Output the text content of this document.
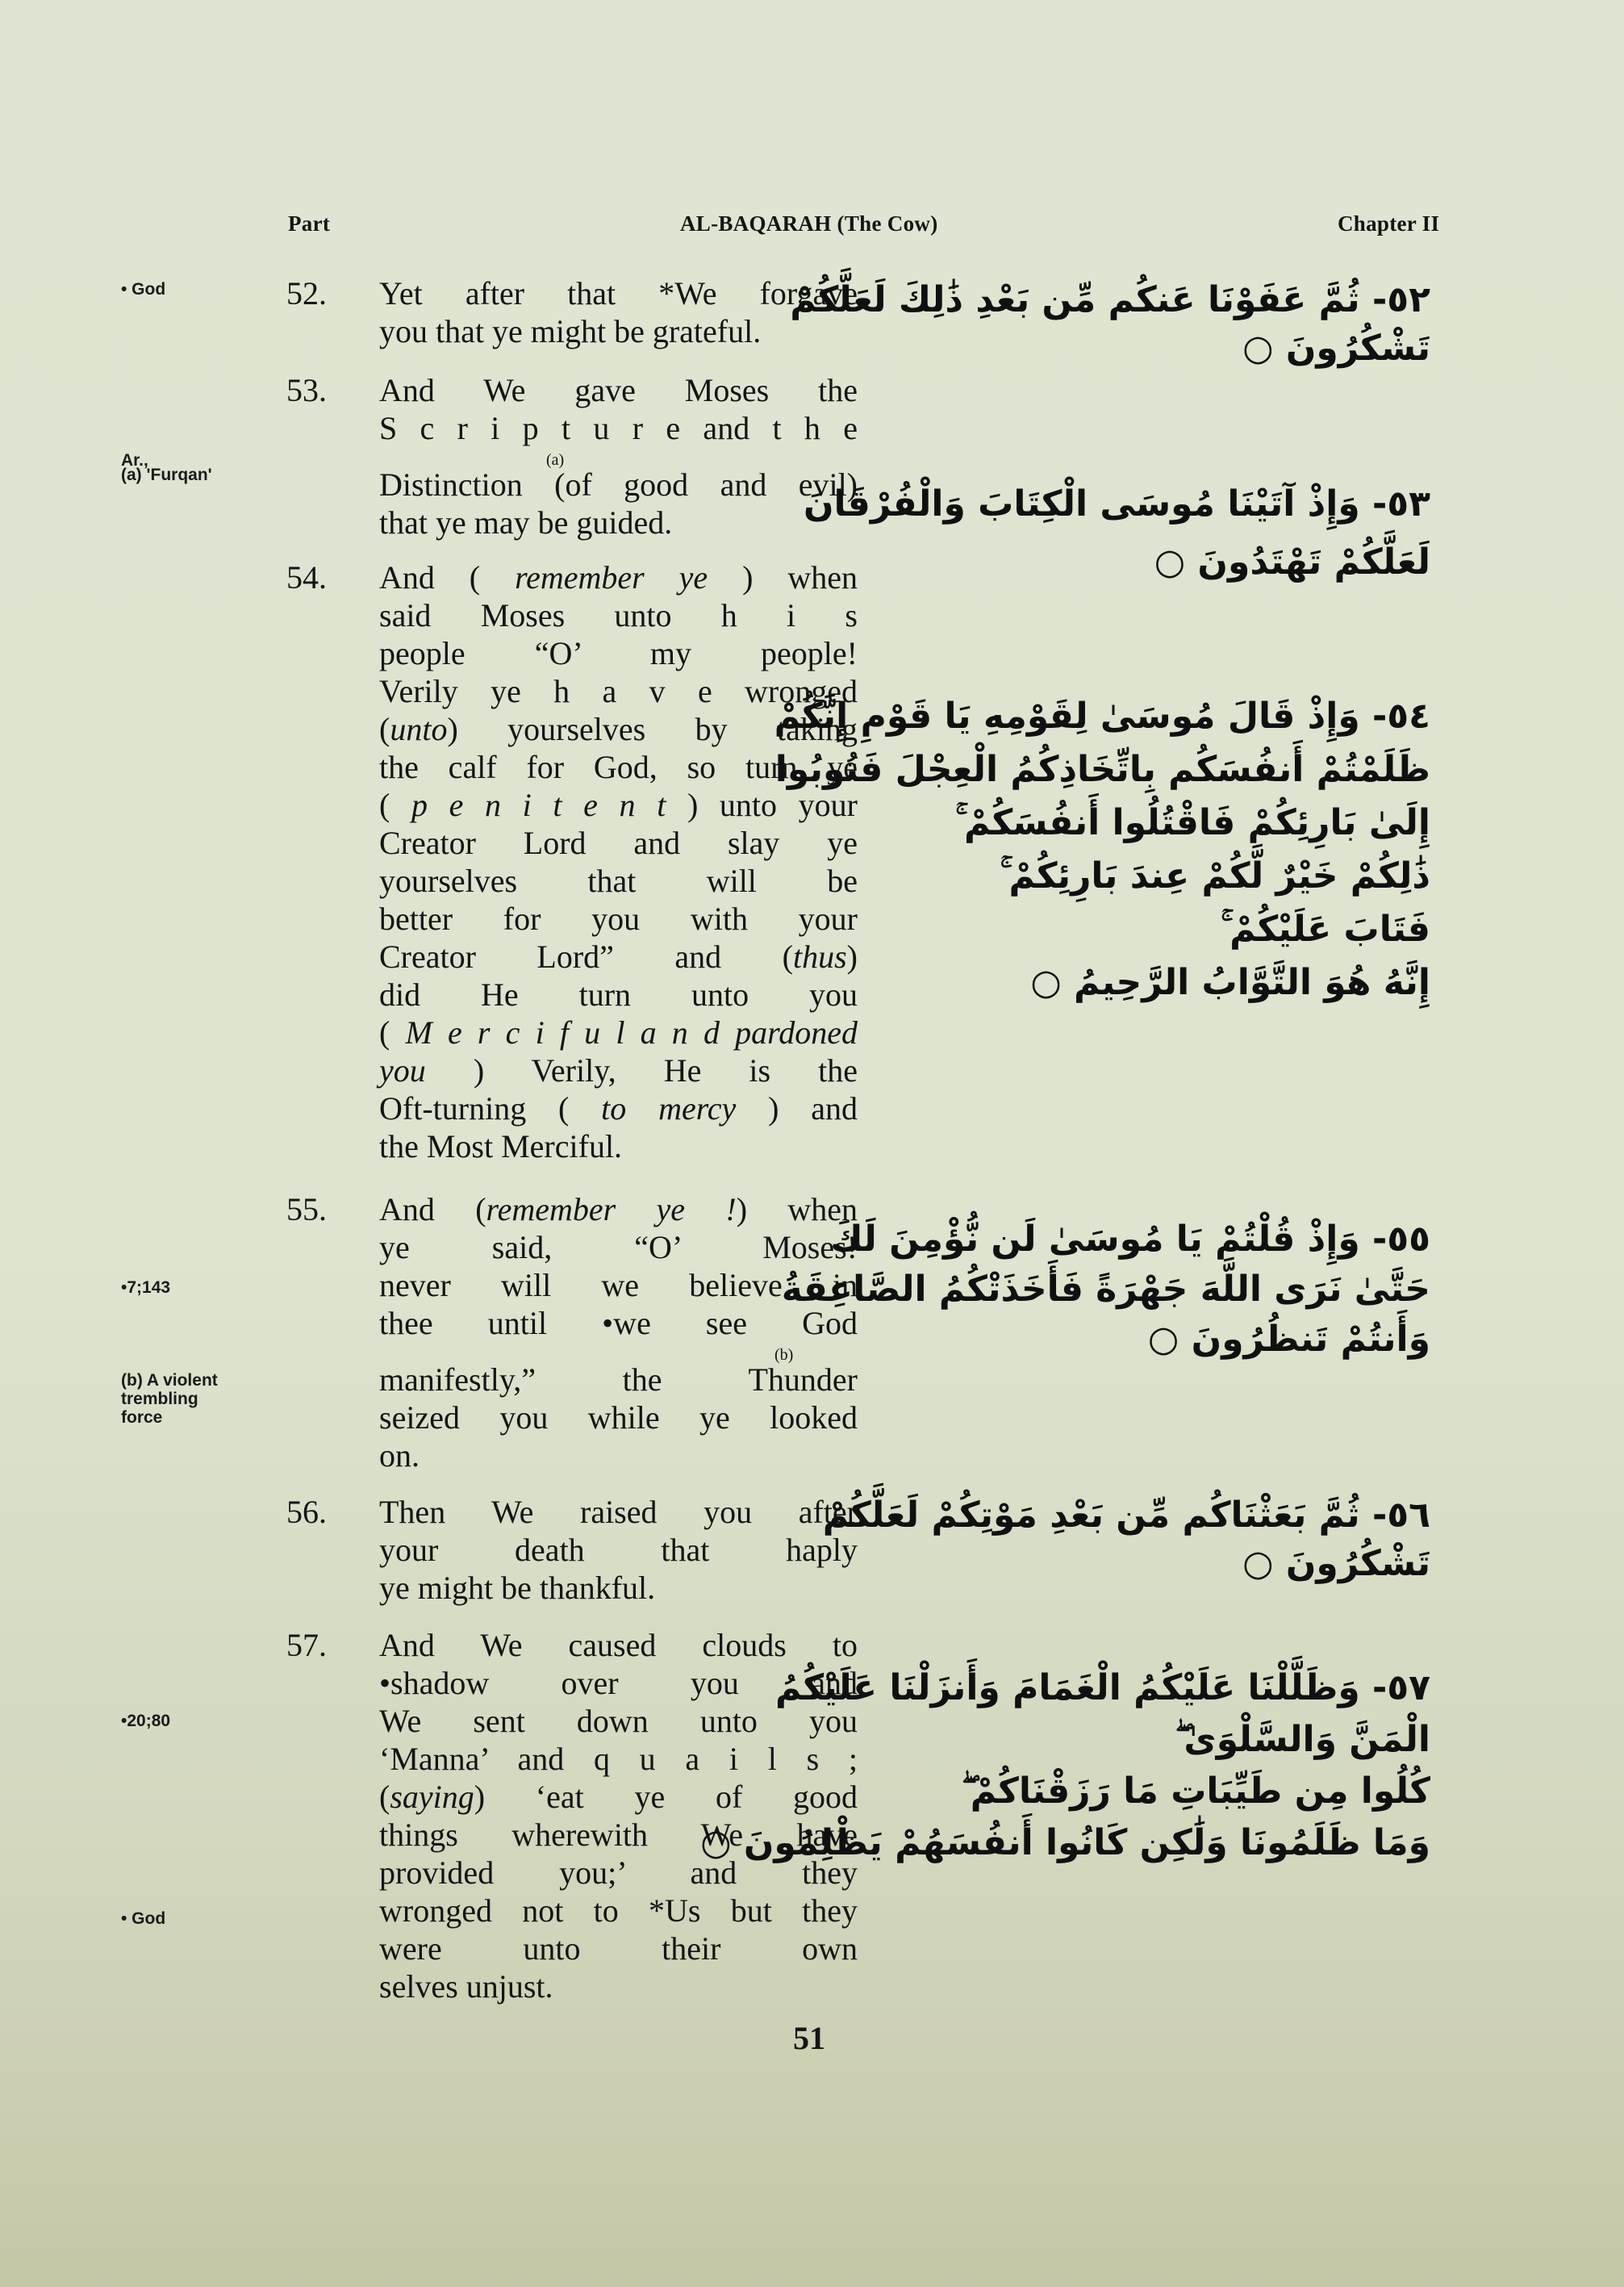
Part	AL-BAQARAH (The Cow)	Chapter II
• God
Ar.,
(a) 'Furqan'
•7;143
(b) A violent
trembling
force
•20;80
• God
52. Yet after that *We forgave
you that ye might be grateful.
53. And We gave Moses the
S c r i p t u r e and t h e
Distinction (of good and evil)
that ye may be guided.
(a)
54. And ( remember ye ) when
said Moses unto h i s
people “O’ my people!
Verily ye h a v e wronged
(unto) yourselves by taking
the calf for God, so turn ye
( p e n i t e n t ) unto your
Creator Lord and slay ye
yourselves that will be
better for you with your
Creator Lord” and (thus)
did He turn unto you
( M e r c i f u l a n d pardoned
you ) Verily, He is the
Oft-turning ( to mercy ) and
the Most Merciful.
55. And (remember ye !) when
ye said, “O’ Moses!
never will we believe in
thee until •we see God
manifestly,” the Thunder
seized you while ye looked
on.
(b)
56. Then We raised you after
your death that haply
ye might be thankful.
57. And We caused clouds to
•shadow over you and
We sent down unto you
‘Manna’ and q u a i l s ;
(saying) ‘eat ye of good
things wherewith We have
provided you;’ and they
wronged not to *Us but they
were unto their own
selves unjust.
٥٢- ثُمَّ عَفَوْنَا عَنكُم مِّن بَعْدِ ذَٰلِكَ لَعَلَّكُمْ
تَشْكُرُونَ ○
٥٣- وَإِذْ آتَيْنَا مُوسَى الْكِتَابَ وَالْفُرْقَانَ
لَعَلَّكُمْ تَهْتَدُونَ ○
٥٤- وَإِذْ قَالَ مُوسَىٰ لِقَوْمِهِ يَا قَوْمِ إِنَّكُمْ
ظَلَمْتُمْ أَنفُسَكُم بِاتِّخَاذِكُمُ الْعِجْلَ فَتُوبُوا
إِلَىٰ بَارِئِكُمْ فَاقْتُلُوا أَنفُسَكُمْ ۚ
ذَٰلِكُمْ خَيْرٌ لَّكُمْ عِندَ بَارِئِكُمْ ۚ
فَتَابَ عَلَيْكُمْ ۚ
إِنَّهُ هُوَ التَّوَّابُ الرَّحِيمُ ○
٥٥- وَإِذْ قُلْتُمْ يَا مُوسَىٰ لَن نُّؤْمِنَ لَكَ
حَتَّىٰ نَرَى اللَّهَ جَهْرَةً فَأَخَذَتْكُمُ الصَّاعِقَةُ
وَأَنتُمْ تَنظُرُونَ ○
٥٦- ثُمَّ بَعَثْنَاكُم مِّن بَعْدِ مَوْتِكُمْ لَعَلَّكُمْ
تَشْكُرُونَ ○
٥٧- وَظَلَّلْنَا عَلَيْكُمُ الْغَمَامَ وَأَنزَلْنَا عَلَيْكُمُ
الْمَنَّ وَالسَّلْوَىٰ ۖ
كُلُوا مِن طَيِّبَاتِ مَا رَزَقْنَاكُمْ ۖ
وَمَا ظَلَمُونَا وَلَٰكِن كَانُوا أَنفُسَهُمْ يَظْلِمُونَ ○
51
